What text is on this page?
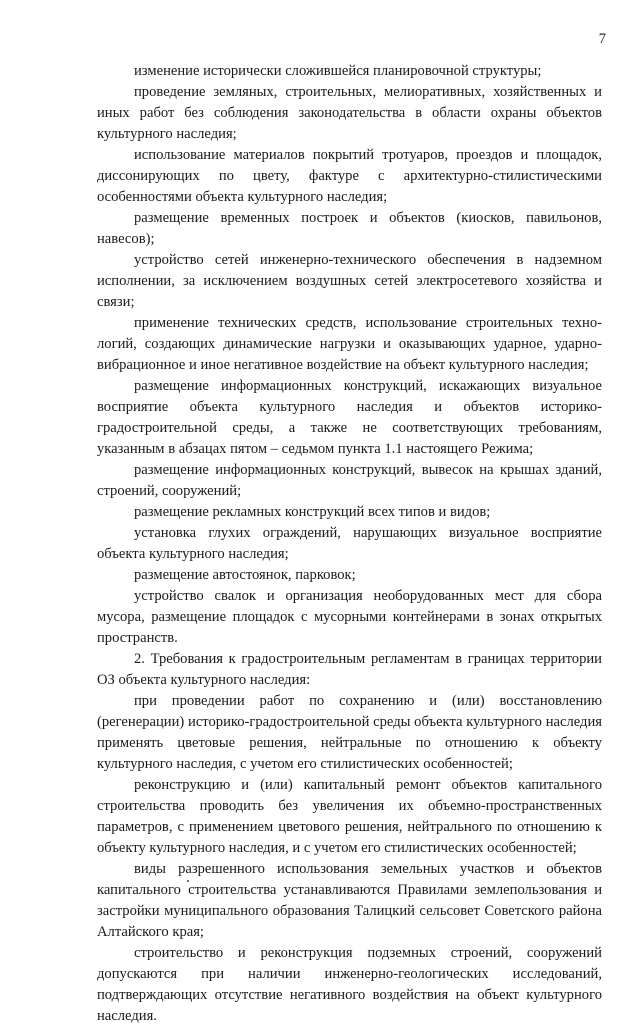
7

изменение исторически сложившейся планировочной структуры;

проведение земляных, строительных, мелиоративных, хозяйственных и иных работ без соблюдения законодательства в области охраны объектов культурного наследия;

использование материалов покрытий тротуаров, проездов и площадок, диссонирующих по цвету, фактуре с архитектурно-стилистическими особенностями объекта культурного наследия;

размещение временных построек и объектов (киосков, павильонов, навесов);

устройство сетей инженерно-технического обеспечения в надземном исполнении, за исключением воздушных сетей электросетевого хозяйства и связи;

применение технических средств, использование строительных технологий, создающих динамические нагрузки и оказывающих ударное, ударно-вибрационное и иное негативное воздействие на объект культурного наследия;

размещение информационных конструкций, искажающих визуальное восприятие объекта культурного наследия и объектов историко-градостроительной среды, а также не соответствующих требованиям, указанным в абзацах пятом – седьмом пункта 1.1 настоящего Режима;

размещение информационных конструкций, вывесок на крышах зданий, строений, сооружений;

размещение рекламных конструкций всех типов и видов;

установка глухих ограждений, нарушающих визуальное восприятие объекта культурного наследия;

размещение автостоянок, парковок;

устройство свалок и организация необорудованных мест для сбора мусора, размещение площадок с мусорными контейнерами в зонах открытых пространств.

2. Требования к градостроительным регламентам в границах территории ОЗ объекта культурного наследия:

при проведении работ по сохранению и (или) восстановлению (регенерации) историко-градостроительной среды объекта культурного наследия применять цветовые решения, нейтральные по отношению к объекту культурного наследия, с учетом его стилистических особенностей;

реконструкцию и (или) капитальный ремонт объектов капитального строительства проводить без увеличения их объемно-пространственных параметров, с применением цветового решения, нейтрального по отношению к объекту культурного наследия, и с учетом его стилистических особенностей;

виды разрешенного использования земельных участков и объектов капитального строительства устанавливаются Правилами землепользования и застройки муниципального образования Талицкий сельсовет Советского района Алтайского края;

строительство и реконструкция подземных строений, сооружений допускаются при наличии инженерно-геологических исследований, подтверждающих отсутствие негативного воздействия на объект культурного наследия.
